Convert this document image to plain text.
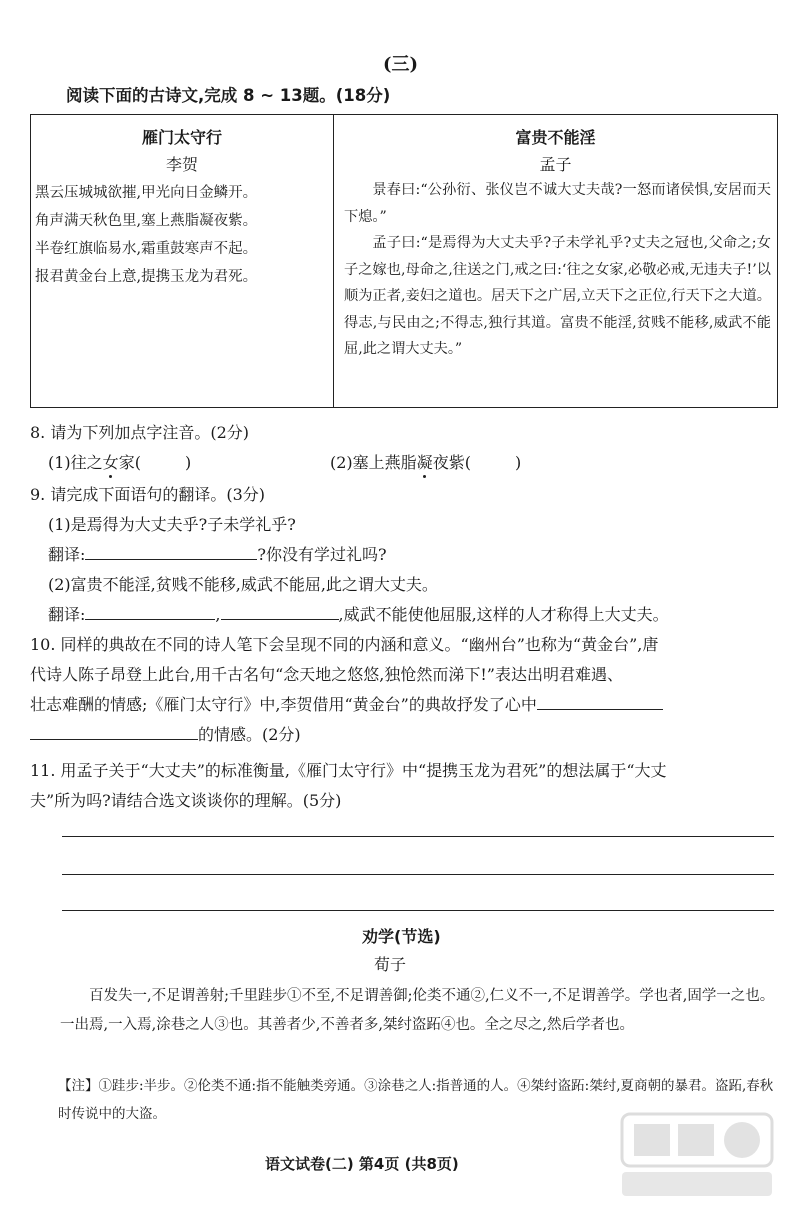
(三)
阅读下面的古诗文,完成 8 ~ 13题。(18分)
雁门太守行
李贺
黑云压城城欲摧,甲光向日金鳞开。
角声满天秋色里,塞上燕脂凝夜紫。
半卷红旗临易水,霜重鼓寒声不起。
报君黄金台上意,提携玉龙为君死。

富贵不能淫
孟子
景春曰:“公孙衍、张仪岂不诚大丈夫哉?一怒而诸侯惧,安居而天下熄。”
孟子曰:“是焉得为大丈夫乎?子未学礼乎?丈夫之冠也,父命之;女子之嫁也,母命之,往送之门,戒之曰:‘往之女家,必敬必戒,无违夫子!’以顺为正者,妾妇之道也。居天下之广居,立天下之正位,行天下之大道。得志,与民由之;不得志,独行其道。富贵不能淫,贫贱不能移,威武不能屈,此之谓大丈夫。”
8. 请为下列加点字注音。(2分)
(1)往之女家(	)	(2)塞上燕脂凝夜紫(	)
9. 请完成下面语句的翻译。(3分)
(1)是焉得为大丈夫乎?子未学礼乎?
翻译:	?你没有学过礼吗?
(2)富贵不能淫,贫贱不能移,威武不能屈,此之谓大丈夫。
翻译:	,	,威武不能使他屈服,这样的人才称得上大丈夫。
10. 同样的典故在不同的诗人笔下会呈现不同的内涵和意义。“幽州台”也称为“黄金台”,唐
代诗人陈子昂登上此台,用千古名句“念天地之悠悠,独怆然而涕下!”表达出明君难遇、
壮志难酬的情感;《雁门太守行》中,李贺借用“黄金台”的典故抒发了心中
的情感。(2分)
11. 用孟子关于“大丈夫”的标准衡量,《雁门太守行》中“提携玉龙为君死”的想法属于“大丈
夫”所为吗?请结合选文谈谈你的理解。(5分)
劝学(节选)
荀子
百发失一,不足谓善射;千里跬步①不至,不足谓善御;伦类不通②,仁义不一,不足谓善学。学也者,固学一之也。一出焉,一入焉,涂巷之人③也。其善者少,不善者多,桀纣盗跖④也。全之尽之,然后学者也。
【注】①跬步:半步。②伦类不通:指不能触类旁通。③涂巷之人:指普通的人。④桀纣盗跖:桀纣,夏商朝的暴君。盗跖,春秋时传说中的大盗。
语文试卷(二) 第4页 (共8页)
